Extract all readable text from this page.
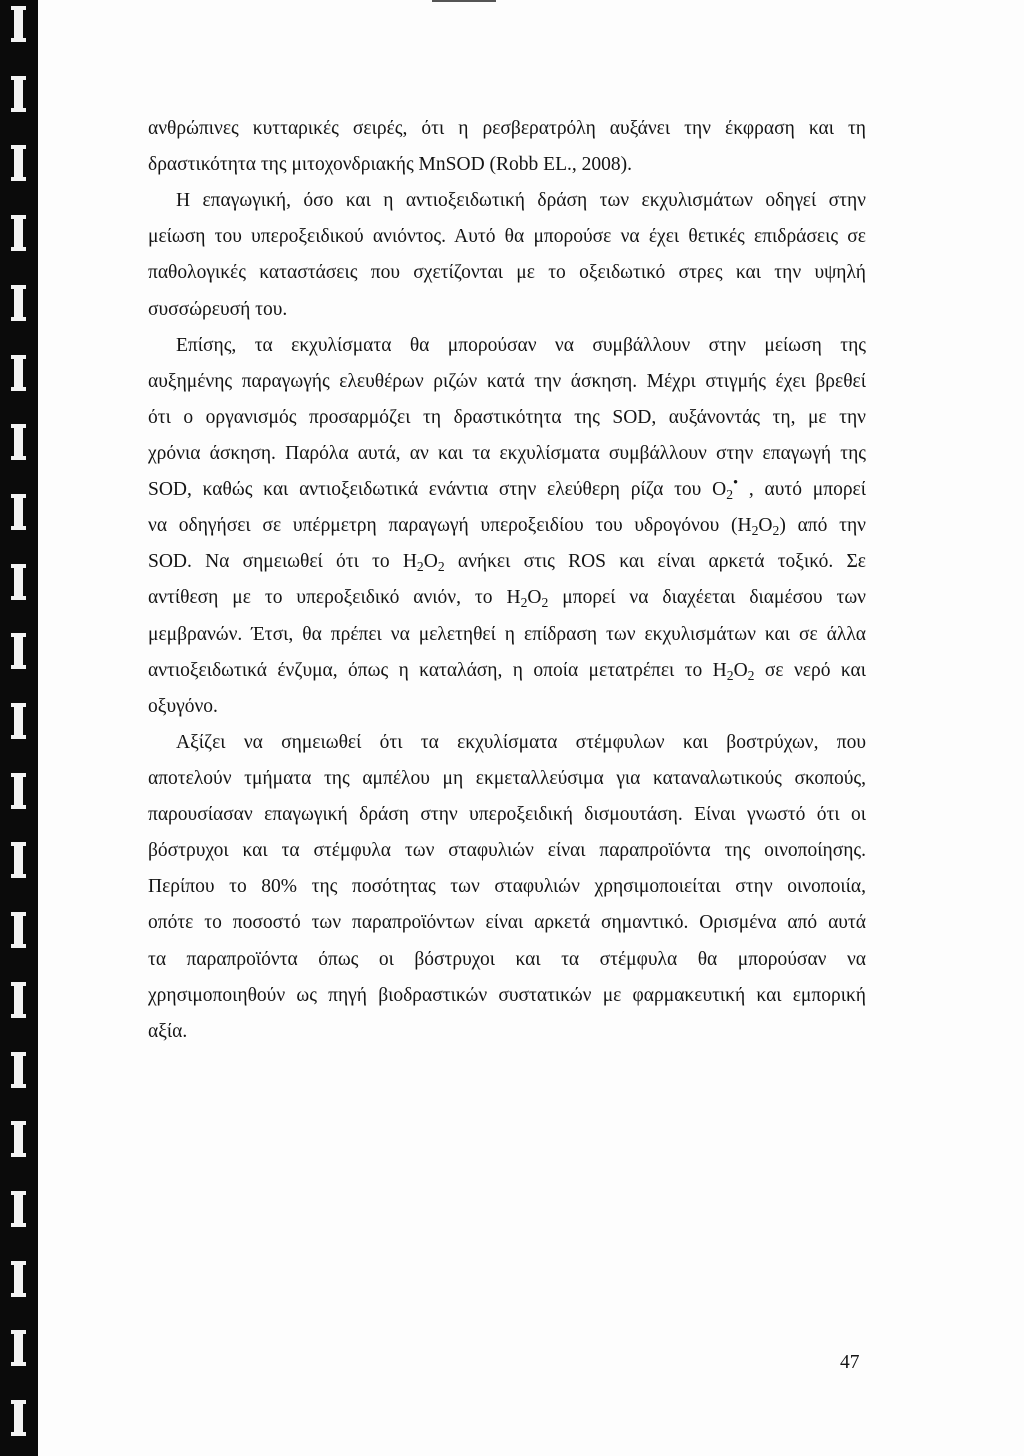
ανθρώπινες κυτταρικές σειρές, ότι η ρεσβερατρόλη αυξάνει την έκφραση και τη
δραστικότητα της μιτοχονδριακής MnSOD (Robb EL., 2008).
Η επαγωγική, όσο και η αντιοξειδωτική δράση των εκχυλισμάτων οδηγεί στην
μείωση του υπεροξειδικού ανιόντος. Αυτό θα μπορούσε να έχει θετικές επιδράσεις σε
παθολογικές καταστάσεις που σχετίζονται με το οξειδωτικό στρες και την υψηλή
συσσώρευσή του.
Επίσης, τα εκχυλίσματα θα μπορούσαν να συμβάλλουν στην μείωση της
αυξημένης παραγωγής ελευθέρων ριζών κατά την άσκηση. Μέχρι στιγμής έχει βρεθεί
ότι ο οργανισμός προσαρμόζει τη δραστικότητα της SOD, αυξάνοντάς τη, με την
χρόνια άσκηση. Παρόλα αυτά, αν και τα εκχυλίσματα συμβάλλουν στην επαγωγή της
SOD, καθώς και αντιοξειδωτικά ενάντια στην ελεύθερη ρίζα του $O_2^•$ , αυτό μπορεί
να οδηγήσει σε υπέρμετρη παραγωγή υπεροξειδίου του υδρογόνου $(H_2O_2)$ από την
SOD. Να σημειωθεί ότι το $H_2O_2$ ανήκει στις ROS και είναι αρκετά τοξικό. Σε
αντίθεση με το υπεροξειδικό ανιόν, το $H_2O_2$ μπορεί να διαχέεται διαμέσου των
μεμβρανών. Έτσι, θα πρέπει να μελετηθεί η επίδραση των εκχυλισμάτων και σε άλλα
αντιοξειδωτικά ένζυμα, όπως η καταλάση, η οποία μετατρέπει το $H_2O_2$ σε νερό και
οξυγόνο.
Αξίζει να σημειωθεί ότι τα εκχυλίσματα στέμφυλων και βοστρύχων, που
αποτελούν τμήματα της αμπέλου μη εκμεταλλεύσιμα για καταναλωτικούς σκοπούς,
παρουσίασαν επαγωγική δράση στην υπεροξειδική δισμουτάση. Είναι γνωστό ότι οι
βόστρυχοι και τα στέμφυλα των σταφυλιών είναι παραπροϊόντα της οινοποίησης.
Περίπου το 80% της ποσότητας των σταφυλιών χρησιμοποιείται στην οινοποιία,
οπότε το ποσοστό των παραπροϊόντων είναι αρκετά σημαντικό. Ορισμένα από αυτά
τα παραπροϊόντα όπως οι βόστρυχοι και τα στέμφυλα θα μπορούσαν να
χρησιμοποιηθούν ως πηγή βιοδραστικών συστατικών με φαρμακευτική και εμπορική
αξία.
47
